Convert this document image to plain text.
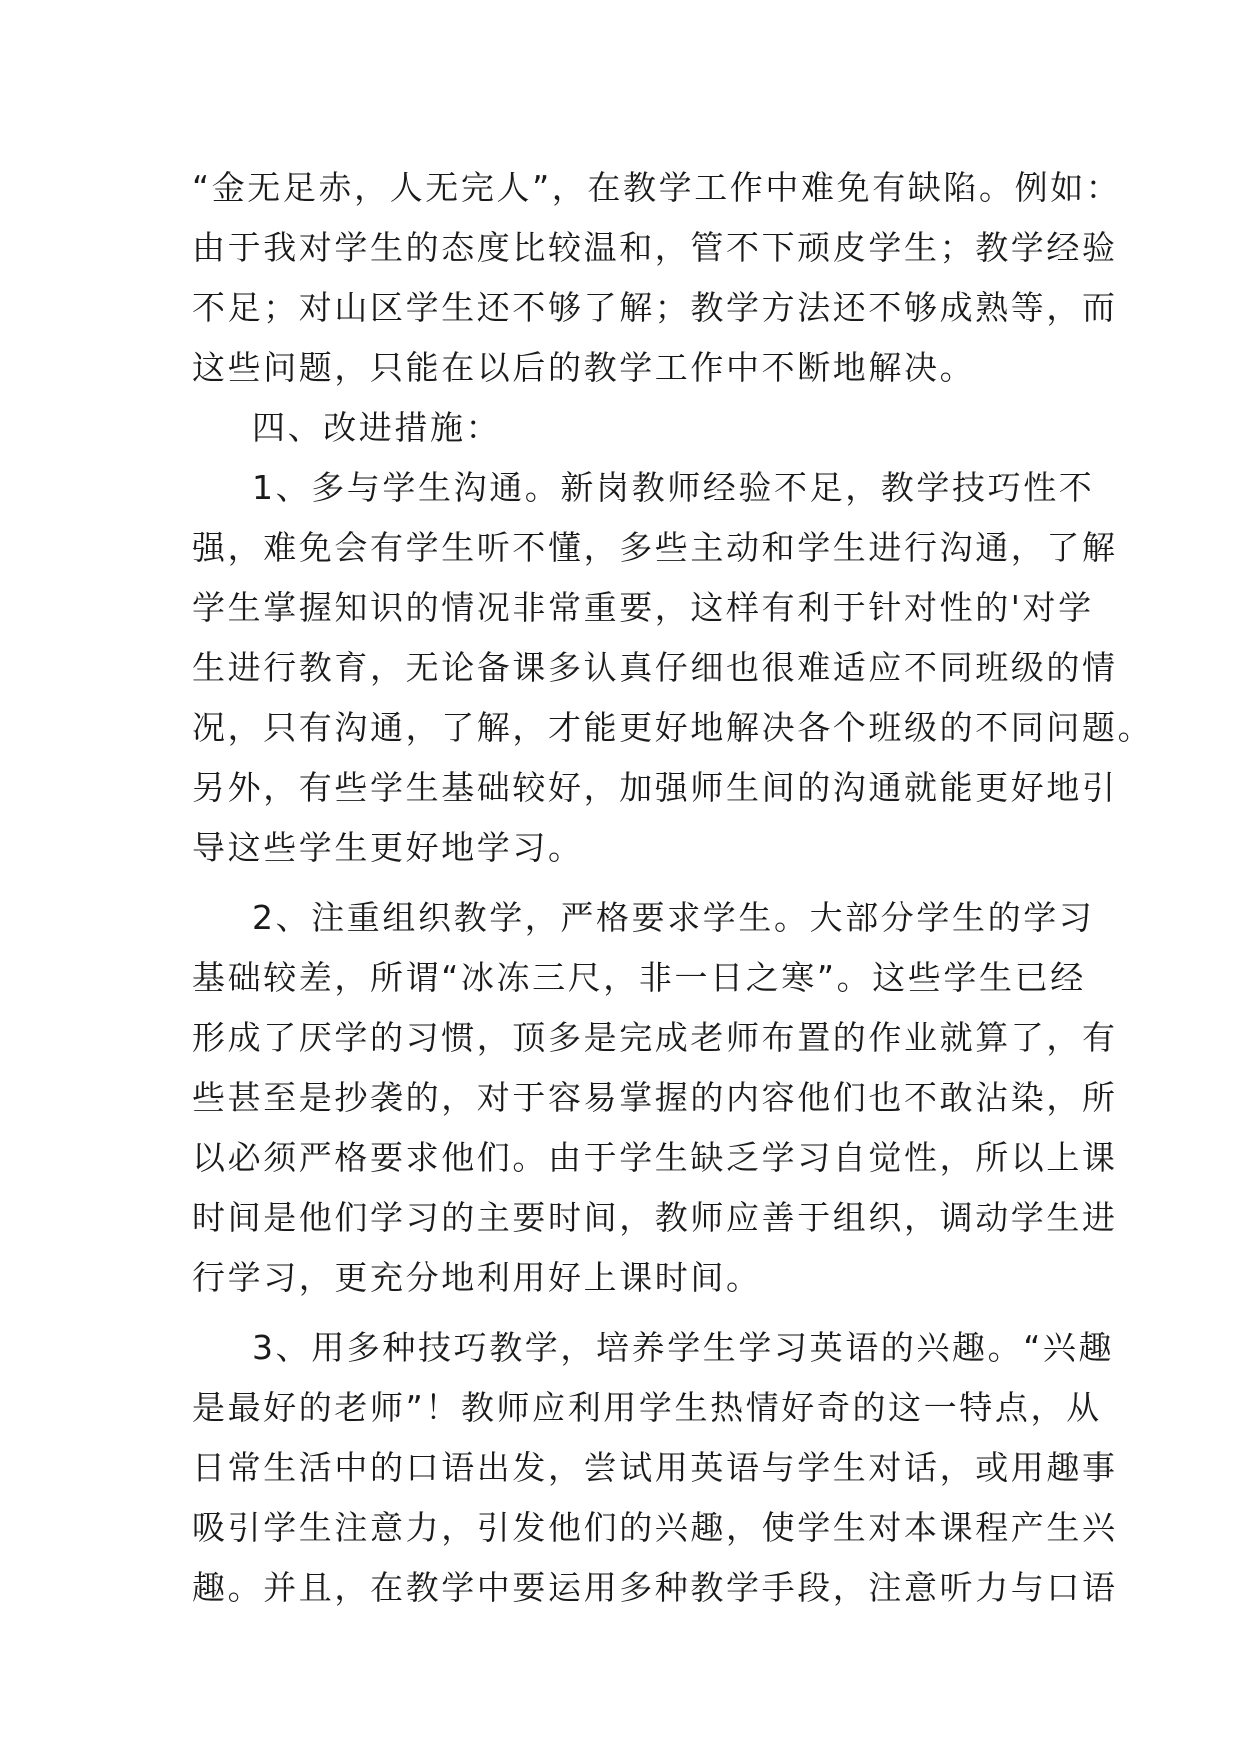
“金无足赤，人无完人”，在教学工作中难免有缺陷。例如：
由于我对学生的态度比较温和，管不下顽皮学生；教学经验
不足；对山区学生还不够了解；教学方法还不够成熟等，而
这些问题，只能在以后的教学工作中不断地解决。
四、改进措施：
1、多与学生沟通。新岗教师经验不足，教学技巧性不
强，难免会有学生听不懂，多些主动和学生进行沟通，了解
学生掌握知识的情况非常重要，这样有利于针对性的'对学
生进行教育，无论备课多认真仔细也很难适应不同班级的情
况，只有沟通，了解，才能更好地解决各个班级的不同问题。
另外，有些学生基础较好，加强师生间的沟通就能更好地引
导这些学生更好地学习。
2、注重组织教学，严格要求学生。大部分学生的学习
基础较差，所谓“冰冻三尺，非一日之寒”。这些学生已经
形成了厌学的习惯，顶多是完成老师布置的作业就算了，有
些甚至是抄袭的，对于容易掌握的内容他们也不敢沾染，所
以必须严格要求他们。由于学生缺乏学习自觉性，所以上课
时间是他们学习的主要时间，教师应善于组织，调动学生进
行学习，更充分地利用好上课时间。
3、用多种技巧教学，培养学生学习英语的兴趣。“兴趣
是最好的老师”！教师应利用学生热情好奇的这一特点，从
日常生活中的口语出发，尝试用英语与学生对话，或用趣事
吸引学生注意力，引发他们的兴趣，使学生对本课程产生兴
趣。并且，在教学中要运用多种教学手段，注意听力与口语
